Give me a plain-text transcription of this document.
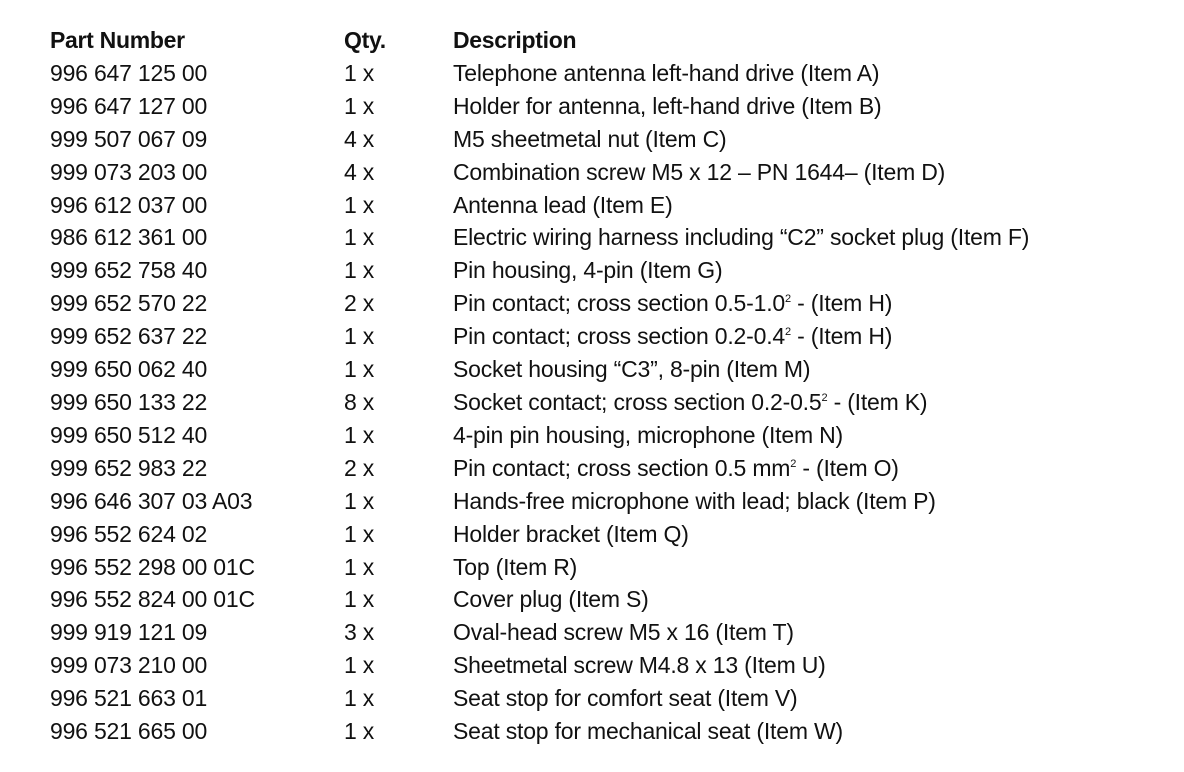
Part Number	Qty.	Description
996 647 125 00	1 x	Telephone antenna left-hand drive (Item A)
996 647 127 00	1 x	Holder for antenna, left-hand drive (Item B)
999 507 067 09	4 x	M5 sheetmetal nut (Item C)
999 073 203 00	4 x	Combination screw M5 x 12 – PN 1644– (Item D)
996 612 037 00	1 x	Antenna lead (Item E)
986 612 361 00	1 x	Electric wiring harness including “C2” socket plug (Item F)
999 652 758 40	1 x	Pin housing, 4-pin (Item G)
999 652 570 22	2 x	Pin contact; cross section $0.5-1.0^2$ - (Item H)
999 652 637 22	1 x	Pin contact; cross section $0.2-0.4^2$ - (Item H)
999 650 062 40	1 x	Socket housing “C3”, 8-pin (Item M)
999 650 133 22	8 x	Socket contact; cross section $0.2-0.5^2$ - (Item K)
999 650 512 40	1 x	4-pin pin housing, microphone (Item N)
999 652 983 22	2 x	Pin contact; cross section 0.5 $mm^2$ - (Item O)
996 646 307 03 A03	1 x	Hands-free microphone with lead; black (Item P)
996 552 624 02	1 x	Holder bracket (Item Q)
996 552 298 00 01C	1 x	Top (Item R)
996 552 824 00 01C	1 x	Cover plug (Item S)
999 919 121 09	3 x	Oval-head screw M5 x 16 (Item T)
999 073 210 00	1 x	Sheetmetal screw M4.8 x 13 (Item U)
996 521 663 01	1 x	Seat stop for comfort seat (Item V)
996 521 665 00	1 x	Seat stop for mechanical seat (Item W)
